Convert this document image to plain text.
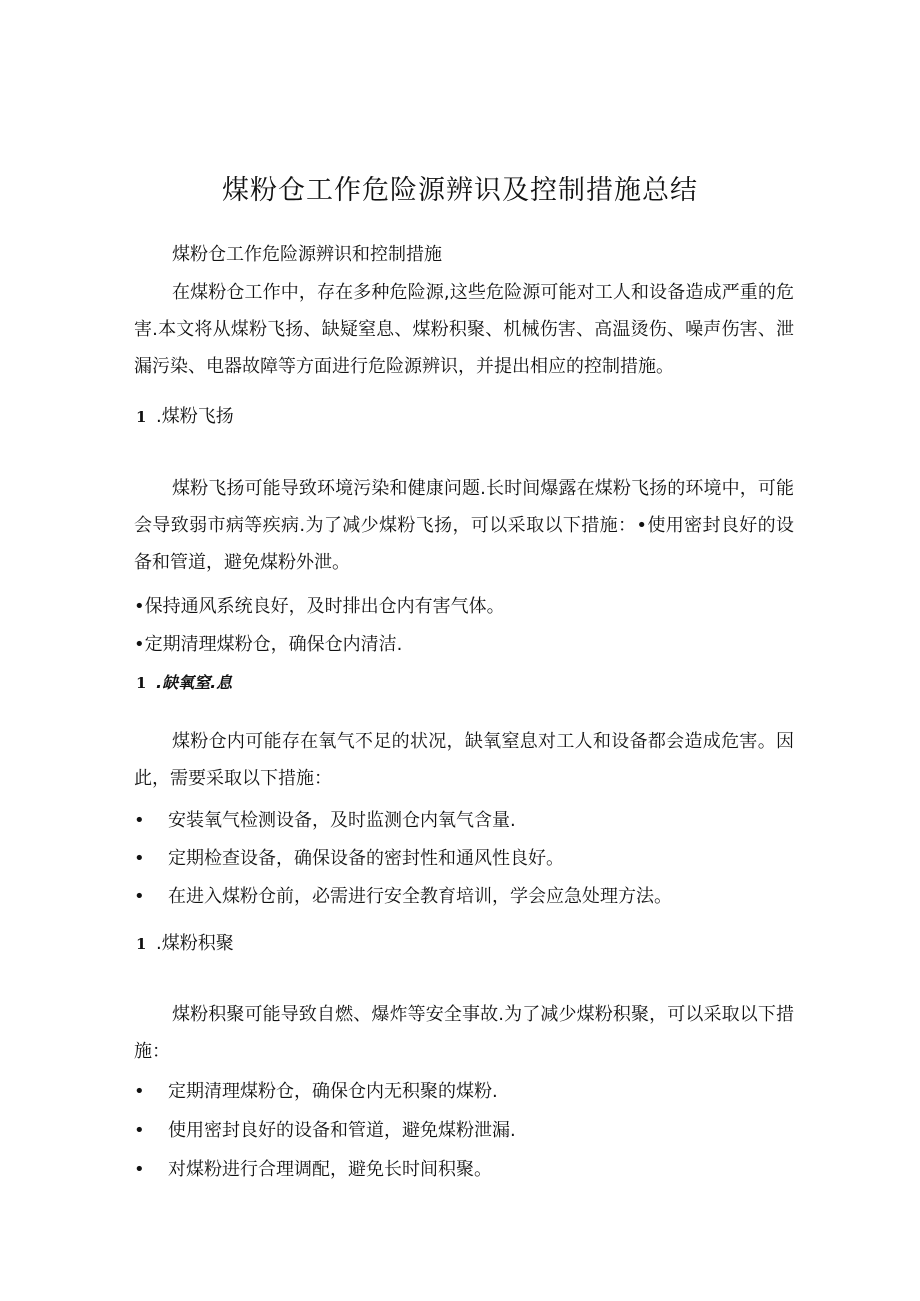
煤粉仓工作危险源辨识及控制措施总结

煤粉仓工作危险源辨识和控制措施

在煤粉仓工作中，存在多种危险源,这些危险源可能对工人和设备造成严重的危害.本文将从煤粉飞扬、缺疑窒息、煤粉积聚、机械伤害、高温烫伤、噪声伤害、泄漏污染、电器故障等方面进行危险源辨识，并提出相应的控制措施。

1 .煤粉飞扬

煤粉飞扬可能导致环境污染和健康问题.长时间爆露在煤粉飞扬的环境中，可能会导致弱市病等疾病.为了减少煤粉飞扬，可以采取以下措施：•使用密封良好的设备和管道，避免煤粉外泄。

•保持通风系统良好，及时排出仓内有害气体。

•定期清理煤粉仓，确保仓内清洁.

1 .缺氧窒.息

煤粉仓内可能存在氧气不足的状况，缺氧窒息对工人和设备都会造成危害。因此，需要采取以下措施：

• 安装氧气检测设备，及时监测仓内氧气含量.

• 定期检查设备，确保设备的密封性和通风性良好。

• 在进入煤粉仓前，必需进行安全教育培训，学会应急处理方法。

1 .煤粉积聚

煤粉积聚可能导致自燃、爆炸等安全事故.为了减少煤粉积聚，可以采取以下措施：

• 定期清理煤粉仓，确保仓内无积聚的煤粉.

• 使用密封良好的设备和管道，避免煤粉泄漏.

• 对煤粉进行合理调配，避免长时间积聚。
